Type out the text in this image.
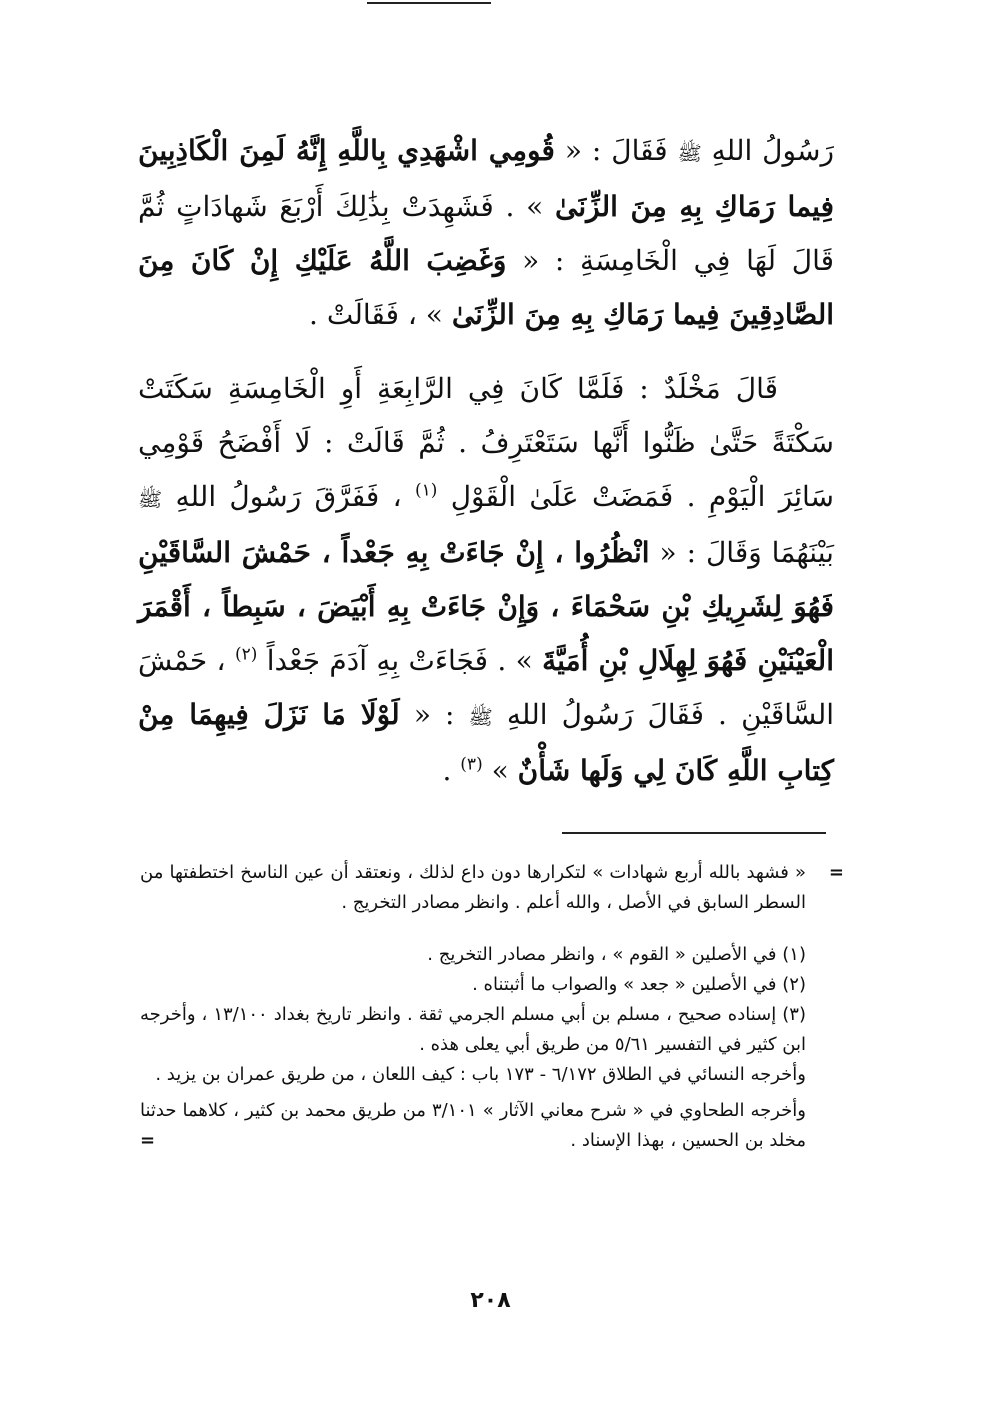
رَسُولُ اللهِ ﷺ فَقَالَ : « قُومِي اشْهَدِي بِاللَّهِ إِنَّهُ لَمِنَ الْكَاذِبِينَ فِيما رَمَاكِ بِهِ مِنَ الزِّنَىٰ » . فَشَهِدَتْ بِذَٰلِكَ أَرْبَعَ شَهادَاتٍ ثُمَّ قَالَ لَهَا فِي الْخَامِسَةِ : « وَغَضِبَ اللَّهُ عَلَيْكِ إِنْ كَانَ مِنَ الصَّادِقِينَ فِيما رَمَاكِ بِهِ مِنَ الزِّنَىٰ » ، فَقَالَتْ .

قَالَ مَخْلَدٌ : فَلَمَّا كَانَ فِي الرَّابِعَةِ أَوِ الْخَامِسَةِ سَكَتَتْ سَكْتَةً حَتَّىٰ ظَنُّوا أَنَّها سَتَعْتَرِفُ . ثُمَّ قَالَتْ : لَا أَفْضَحُ قَوْمِي سَائِرَ الْيَوْمِ . فَمَضَتْ عَلَىٰ الْقَوْلِ $^{(١)}$ ، فَفَرَّقَ رَسُولُ اللهِ ﷺ بَيْنَهُمَا وَقَالَ : « انْظُرُوا ، إِنْ جَاءَتْ بِهِ جَعْداً ، حَمْشَ السَّاقَيْنِ فَهُوَ لِشَرِيكِ بْنِ سَحْمَاءَ ، وَإِنْ جَاءَتْ بِهِ أَبْيَضَ ، سَبِطاً ، أَقْمَرَ الْعَيْنَيْنِ فَهُوَ لِهِلَالِ بْنِ أُمَيَّةَ » . فَجَاءَتْ بِهِ آدَمَ جَعْداً $^{(٢)}$ ، حَمْشَ السَّاقَيْنِ . فَقَالَ رَسُولُ اللهِ ﷺ : « لَوْلَا مَا نَزَلَ فِيهِمَا مِنْ كِتابِ اللَّهِ كَانَ لِي وَلَها شَأْنٌ » $^{(٣)}$ .

=

« فشهد بالله أربع شهادات » لتكرارها دون داع لذلك ، ونعتقد أن عين الناسخ اختطفتها من السطر السابق في الأصل ، والله أعلم . وانظر مصادر التخريج .

(١) في الأصلين « القوم » ، وانظر مصادر التخريج .

(٢) في الأصلين « جعد » والصواب ما أثبتناه .

(٣) إسناده صحيح ، مسلم بن أبي مسلم الجرمي ثقة . وانظر تاريخ بغداد ١٣/١٠٠ ، وأخرجه ابن كثير في التفسير ٥/٦١ من طريق أبي يعلى هذه .

وأخرجه النسائي في الطلاق ٦/١٧٢ - ١٧٣ باب : كيف اللعان ، من طريق عمران بن يزيد .

وأخرجه الطحاوي في « شرح معاني الآثار » ٣/١٠١ من طريق محمد بن كثير ، كلاهما حدثنا مخلد بن الحسين ، بهذا الإسناد .

=
٢٠٨
